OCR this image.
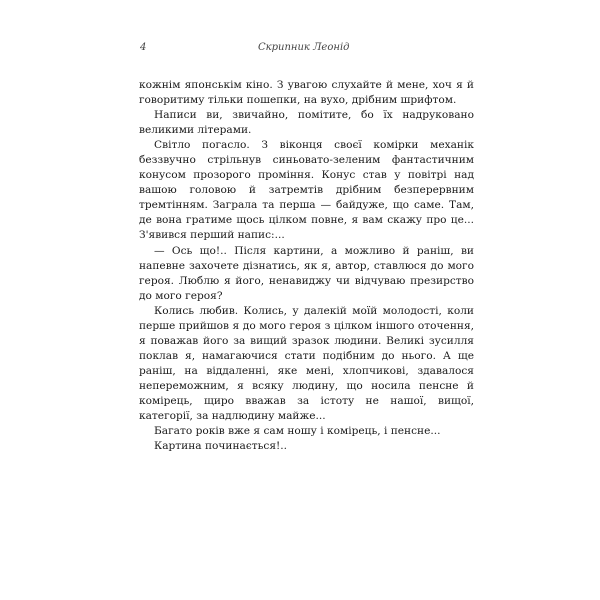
4	Скрипник Леонід

кожнім японськім кіно. З увагою слухайте й мене, хоч я й говоритиму тільки пошепки, на вухо, дрібним шрифтом.

Написи ви, звичайно, помітите, бо їх надруковано великими літерами.

Світло погасло. З віконця своєї комірки механік беззвучно стрільнув синьовато-зеленим фантастичним конусом прозорого проміння. Конус став у повітрі над вашою головою й затремтів дрібним безперервним тремтінням. Заграла та перша — байдуже, що саме. Там, де вона гратиме щось цілком повне, я вам скажу про це... З'явився перший напис:...

— Ось що!.. Після картини, а можливо й раніш, ви напевне захочете дізнатись, як я, автор, ставлюся до мого героя. Люблю я його, ненавиджу чи відчуваю презирство до мого героя?

Колись любив. Колись, у далекій моїй молодості, коли перше прийшов я до мого героя з цілком іншого оточення, я поважав його за вищий зразок людини. Великі зусилля поклав я, намагаючися стати подібним до нього. А ще раніш, на віддаленні, яке мені, хлопчикові, здавалося непереможним, я всяку людину, що носила пенсне й комірець, щиро вважав за істоту не нашої, вищої, категорії, за надлюдину майже...

Багато років вже я сам ношу і комірець, і пенсне...

Картина починається!..
